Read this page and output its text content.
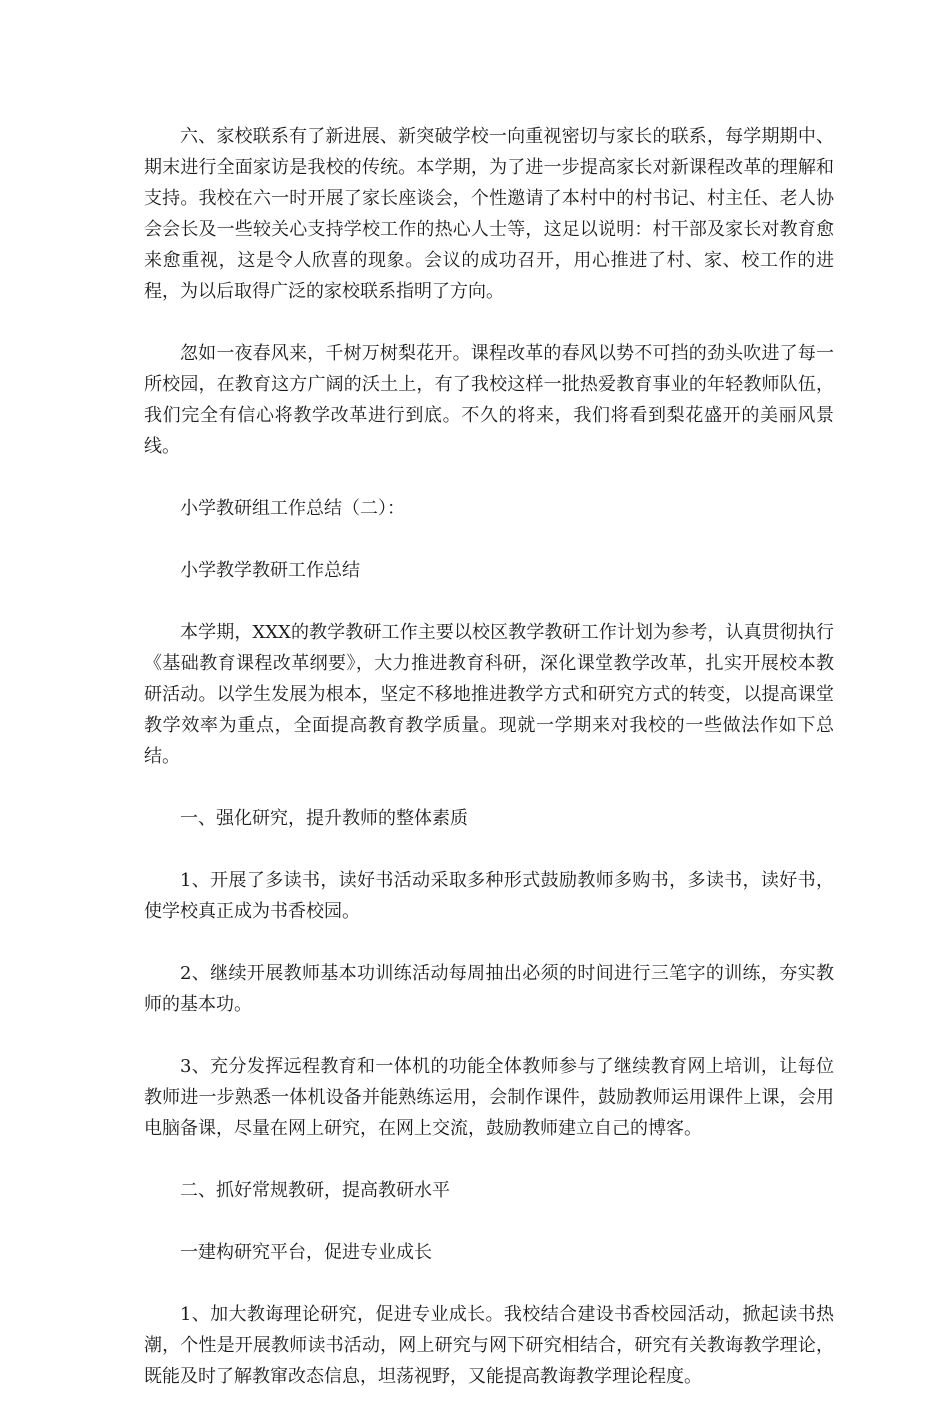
六、家校联系有了新进展、新突破学校一向重视密切与家长的联系，每学期期中、期末进行全面家访是我校的传统。本学期，为了进一步提高家长对新课程改革的理解和支持。我校在六一时开展了家长座谈会，个性邀请了本村中的村书记、村主任、老人协会会长及一些较关心支持学校工作的热心人士等，这足以说明：村干部及家长对教育愈来愈重视，这是令人欣喜的现象。会议的成功召开，用心推进了村、家、校工作的进程，为以后取得广泛的家校联系指明了方向。

忽如一夜春风来，千树万树梨花开。课程改革的春风以势不可挡的劲头吹进了每一所校园，在教育这方广阔的沃土上，有了我校这样一批热爱教育事业的年轻教师队伍，我们完全有信心将教学改革进行到底。不久的将来，我们将看到梨花盛开的美丽风景线。

小学教研组工作总结（二）：

小学教学教研工作总结

本学期，XXX的教学教研工作主要以校区教学教研工作计划为参考，认真贯彻执行《基础教育课程改革纲要》，大力推进教育科研，深化课堂教学改革，扎实开展校本教研活动。以学生发展为根本，坚定不移地推进教学方式和研究方式的转变，以提高课堂教学效率为重点，全面提高教育教学质量。现就一学期来对我校的一些做法作如下总结。

一、强化研究，提升教师的整体素质

1、开展了多读书，读好书活动采取多种形式鼓励教师多购书，多读书，读好书，使学校真正成为书香校园。

2、继续开展教师基本功训练活动每周抽出必须的时间进行三笔字的训练，夯实教师的基本功。

3、充分发挥远程教育和一体机的功能全体教师参与了继续教育网上培训，让每位教师进一步熟悉一体机设备并能熟练运用，会制作课件，鼓励教师运用课件上课，会用电脑备课，尽量在网上研究，在网上交流，鼓励教师建立自己的博客。

二、抓好常规教研，提高教研水平

一建构研究平台，促进专业成长

1、加大教诲理论研究，促进专业成长。我校结合建设书香校园活动，掀起读书热潮，个性是开展教师读书活动，网上研究与网下研究相结合，研究有关教诲教学理论，既能及时了解教窜改态信息，坦荡视野，又能提高教诲教学理论程度。
